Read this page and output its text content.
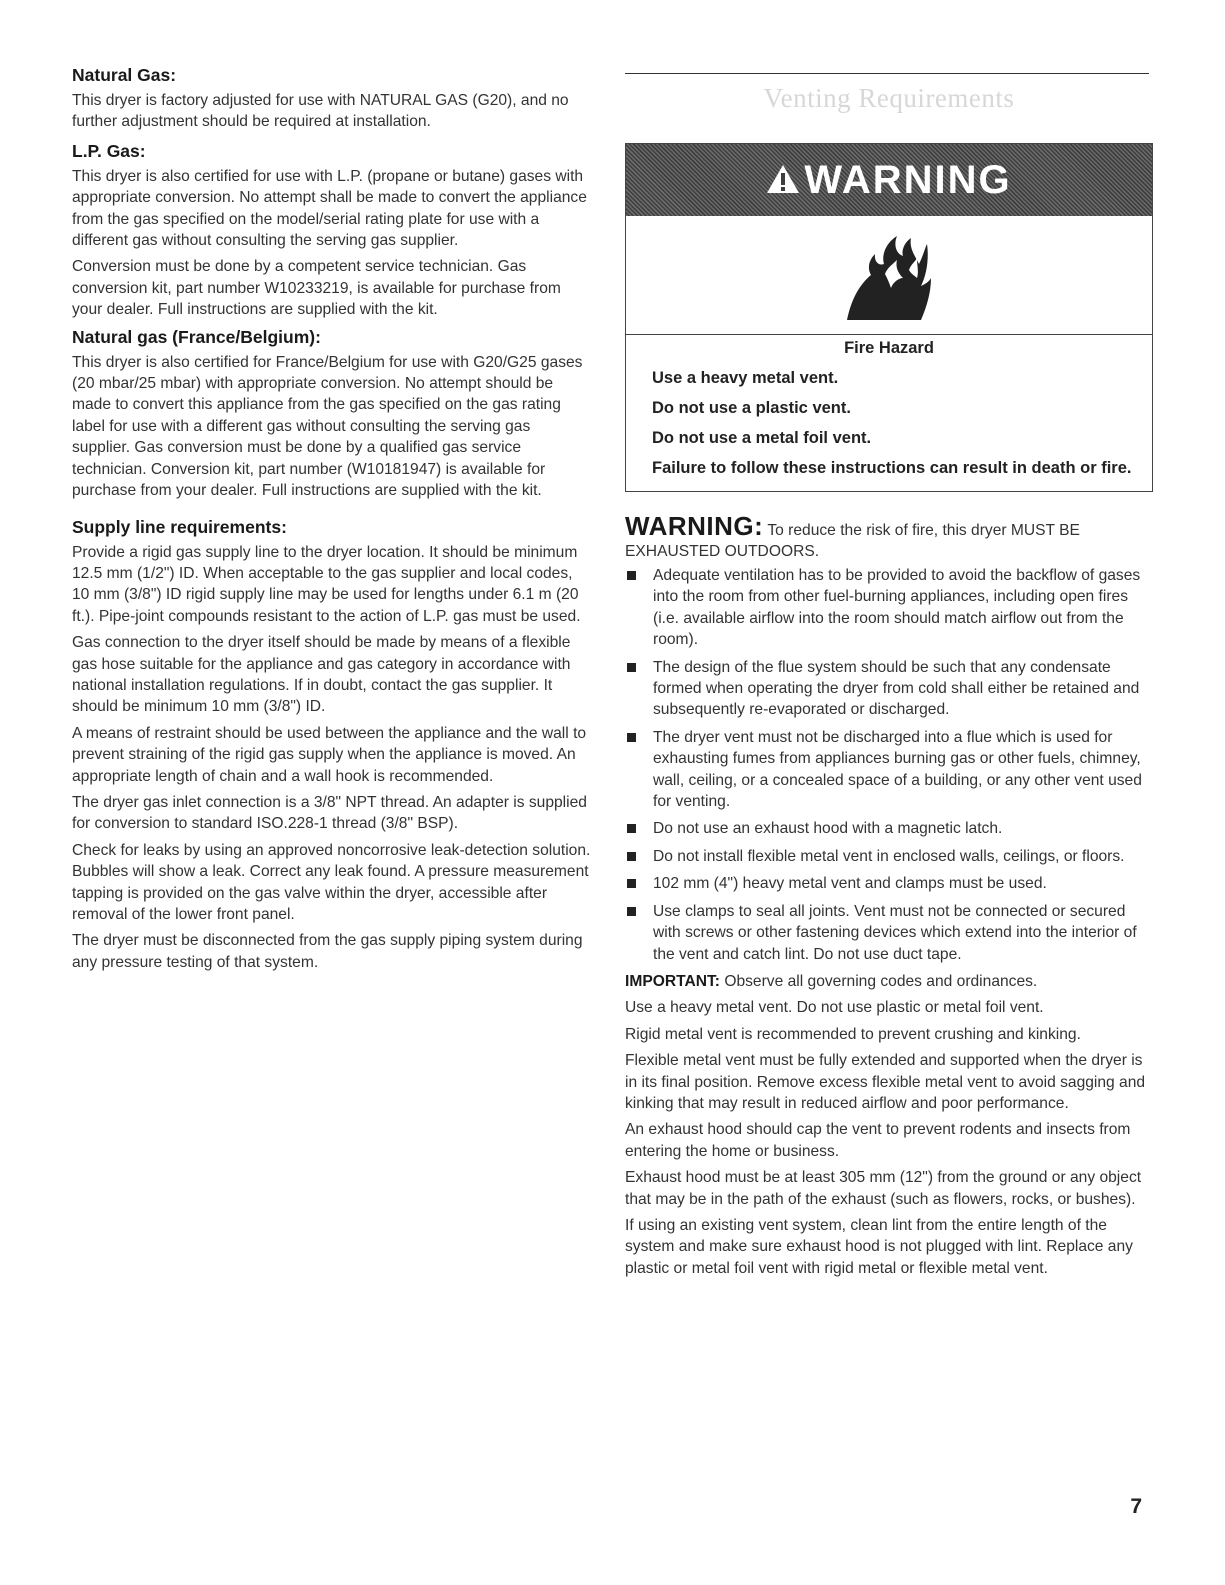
Natural Gas:

This dryer is factory adjusted for use with NATURAL GAS (G20), and no further adjustment should be required at installation.

L.P. Gas:

This dryer is also certified for use with L.P. (propane or butane) gases with appropriate conversion. No attempt shall be made to convert the appliance from the gas specified on the model/serial rating plate for use with a different gas without consulting the serving gas supplier.

Conversion must be done by a competent service technician. Gas conversion kit, part number W10233219, is available for purchase from your dealer. Full instructions are supplied with the kit.

Natural gas (France/Belgium):

This dryer is also certified for France/Belgium for use with G20/G25 gases (20 mbar/25 mbar) with appropriate conversion. No attempt should be made to convert this appliance from the gas specified on the gas rating label for use with a different gas without consulting the serving gas supplier. Gas conversion must be done by a qualified gas service technician. Conversion kit, part number (W10181947) is available for purchase from your dealer. Full instructions are supplied with the kit.

Supply line requirements:

Provide a rigid gas supply line to the dryer location. It should be minimum 12.5 mm (1/2") ID. When acceptable to the gas supplier and local codes, 10 mm (3/8") ID rigid supply line may be used for lengths under 6.1 m (20 ft.). Pipe-joint compounds resistant to the action of L.P. gas must be used.

Gas connection to the dryer itself should be made by means of a flexible gas hose suitable for the appliance and gas category in accordance with national installation regulations. If in doubt, contact the gas supplier. It should be minimum 10 mm (3/8") ID.

A means of restraint should be used between the appliance and the wall to prevent straining of the rigid gas supply when the appliance is moved. An appropriate length of chain and a wall hook is recommended.

The dryer gas inlet connection is a 3/8" NPT thread. An adapter is supplied for conversion to standard ISO.228-1 thread (3/8" BSP).

Check for leaks by using an approved noncorrosive leak-detection solution. Bubbles will show a leak. Correct any leak found. A pressure measurement tapping is provided on the gas valve within the dryer, accessible after removal of the lower front panel.

The dryer must be disconnected from the gas supply piping system during any pressure testing of that system.

Venting Requirements
WARNING
Fire Hazard
Use a heavy metal vent.
Do not use a plastic vent.
Do not use a metal foil vent.
Failure to follow these instructions can result in death or fire.
WARNING: To reduce the risk of fire, this dryer MUST BE EXHAUSTED OUTDOORS.
Adequate ventilation has to be provided to avoid the backflow of gases into the room from other fuel-burning appliances, including open fires (i.e. available airflow into the room should match airflow out from the room).
The design of the flue system should be such that any condensate formed when operating the dryer from cold shall either be retained and subsequently re-evaporated or discharged.
The dryer vent must not be discharged into a flue which is used for exhausting fumes from appliances burning gas or other fuels, chimney, wall, ceiling, or a concealed space of a building, or any other vent used for venting.
Do not use an exhaust hood with a magnetic latch.
Do not install flexible metal vent in enclosed walls, ceilings, or floors.
102 mm (4") heavy metal vent and clamps must be used.
Use clamps to seal all joints. Vent must not be connected or secured with screws or other fastening devices which extend into the interior of the vent and catch lint. Do not use duct tape.

IMPORTANT: Observe all governing codes and ordinances.

Use a heavy metal vent. Do not use plastic or metal foil vent.

Rigid metal vent is recommended to prevent crushing and kinking.

Flexible metal vent must be fully extended and supported when the dryer is in its final position. Remove excess flexible metal vent to avoid sagging and kinking that may result in reduced airflow and poor performance.

An exhaust hood should cap the vent to prevent rodents and insects from entering the home or business.

Exhaust hood must be at least 305 mm (12") from the ground or any object that may be in the path of the exhaust (such as flowers, rocks, or bushes).

If using an existing vent system, clean lint from the entire length of the system and make sure exhaust hood is not plugged with lint. Replace any plastic or metal foil vent with rigid metal or flexible metal vent.

7
